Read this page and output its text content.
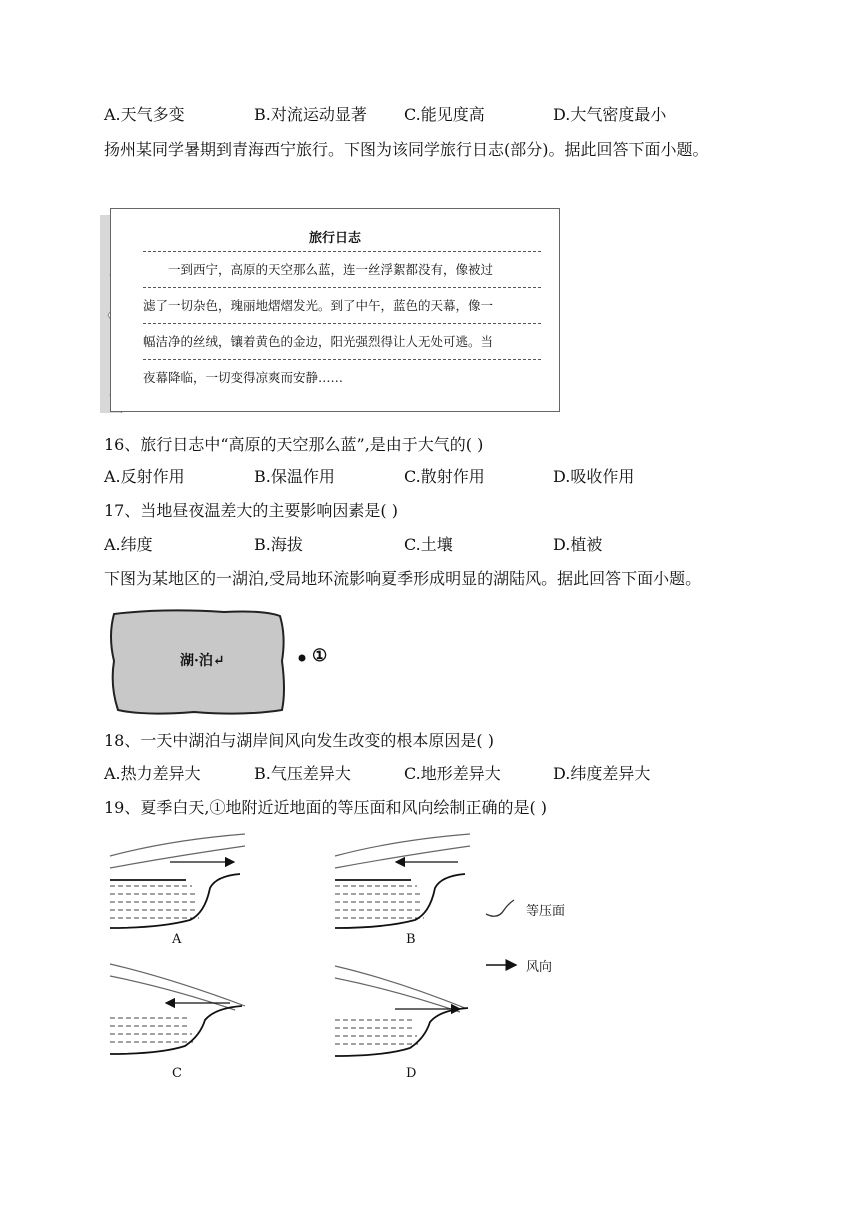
A.天气多变	B.对流运动显著 C.能见度高	D.大气密度最小
扬州某同学暑期到青海西宁旅行。下图为该同学旅行日志(部分)。据此回答下面小题。
旅行日志
一到西宁，高原的天空那么蓝，连一丝浮絮都没有，像被过
滤了一切杂色，瑰丽地熠熠发光。到了中午，蓝色的天幕，像一
幅洁净的丝绒，镶着黄色的金边，阳光强烈得让人无处可逃。当
夜幕降临，一切变得凉爽而安静……
16、旅行日志中“高原的天空那么蓝”,是由于大气的( )
A.反射作用	B.保温作用	C.散射作用	D.吸收作用
17、当地昼夜温差大的主要影响因素是( )
A.纬度	B.海拔	C.土壤	D.植被
下图为某地区的一湖泊,受局地环流影响夏季形成明显的湖陆风。据此回答下面小题。
湖·泊↵	①
18、一天中湖泊与湖岸间风向发生改变的根本原因是( )
A.热力差异大	B.气压差异大	C.地形差异大	D.纬度差异大
19、夏季白天,①地附近近地面的等压面和风向绘制正确的是( )
A	B
C	D
等压面
风向
